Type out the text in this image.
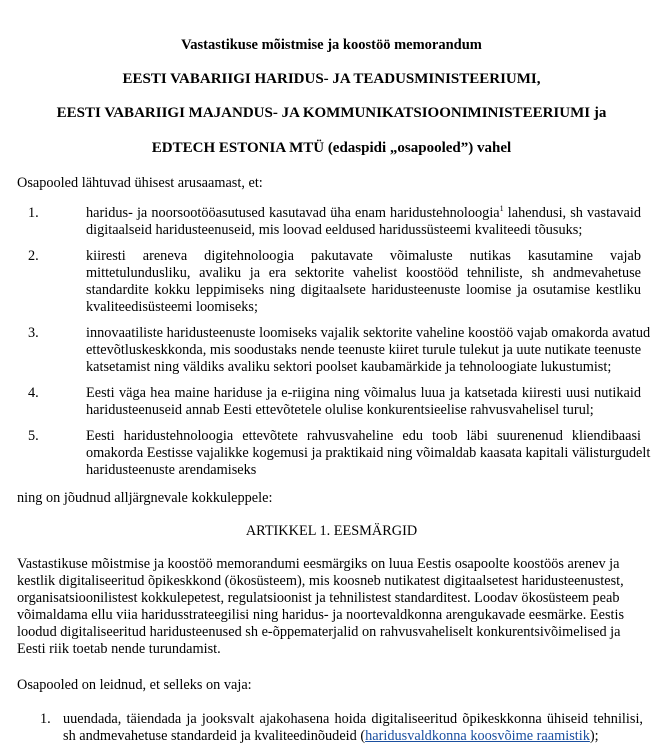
Vastastikuse mõistmise ja koostöö memorandum
EESTI VABARIIGI HARIDUS- JA TEADUSMINISTEERIUMI,
EESTI VABARIIGI MAJANDUS- JA KOMMUNIKATSIOONIMINISTEERIUMI ja
EDTECH ESTONIA MTÜ (edaspidi „osapooled”) vahel
Osapooled lähtuvad ühisest arusaamast, et:
1.	haridus- ja noorsootööasutused kasutavad üha enam haridustehnoloogia$^1$ lahendusi, sh vastavaid
digitaalseid haridusteenuseid, mis loovad eeldused haridussüsteemi kvaliteedi tõusuks;
2.	kiiresti areneva digitehnoloogia pakutavate võimaluste nutikas kasutamine vajab
mittetulundusliku, avaliku ja era sektorite vahelist koostööd tehniliste, sh andmevahetuse
standardite kokku leppimiseks ning digitaalsete haridusteenuste loomise ja osutamise kestliku
kvaliteedisüsteemi loomiseks;
3.	innovaatiliste haridusteenuste loomiseks vajalik sektorite vaheline koostöö vajab omakorda avatud
ettevõtluskeskkonda, mis soodustaks nende teenuste kiiret turule tulekut ja uute nutikate teenuste
katsetamist ning väldiks avaliku sektori poolset kaubamärkide ja tehnoloogiate lukustumist;
4.	Eesti väga hea maine hariduse ja e-riigina ning võimalus luua ja katsetada kiiresti uusi nutikaid
haridusteenuseid annab Eesti ettevõtetele olulise konkurentsieelise rahvusvahelisel turul;
5.	Eesti haridustehnoloogia ettevõtete rahvusvaheline edu toob läbi suurenenud kliendibaasi
omakorda Eestisse vajalikke kogemusi ja praktikaid ning võimaldab kaasata kapitali välisturgudelt
haridusteenuste arendamiseks
ning on jõudnud alljärgnevale kokkuleppele:
ARTIKKEL 1. EESMÄRGID
Vastastikuse mõistmise ja koostöö memorandumi eesmärgiks on luua Eestis osapoolte koostöös arenev ja
kestlik digitaliseeritud õpikeskkond (ökosüsteem), mis koosneb nutikatest digitaalsetest haridusteenustest,
organisatsioonilistest kokkulepetest, regulatsioonist ja tehnilistest standarditest. Loodav ökosüsteem peab
võimaldama ellu viia haridusstrateegilisi ning haridus- ja noortevaldkonna arengukavade eesmärke. Eestis
loodud digitaliseeritud haridusteenused sh e-õppematerjalid on rahvusvaheliselt konkurentsivõimelised ja
Eesti riik toetab nende turundamist.
Osapooled on leidnud, et selleks on vaja:
1. uuendada, täiendada ja jooksvalt ajakohasena hoida digitaliseeritud õpikeskkonna ühiseid tehnilisi,
sh andmevahetuse standardeid ja kvaliteedinõudeid (haridusvaldkonna koosvõime raamistik);
